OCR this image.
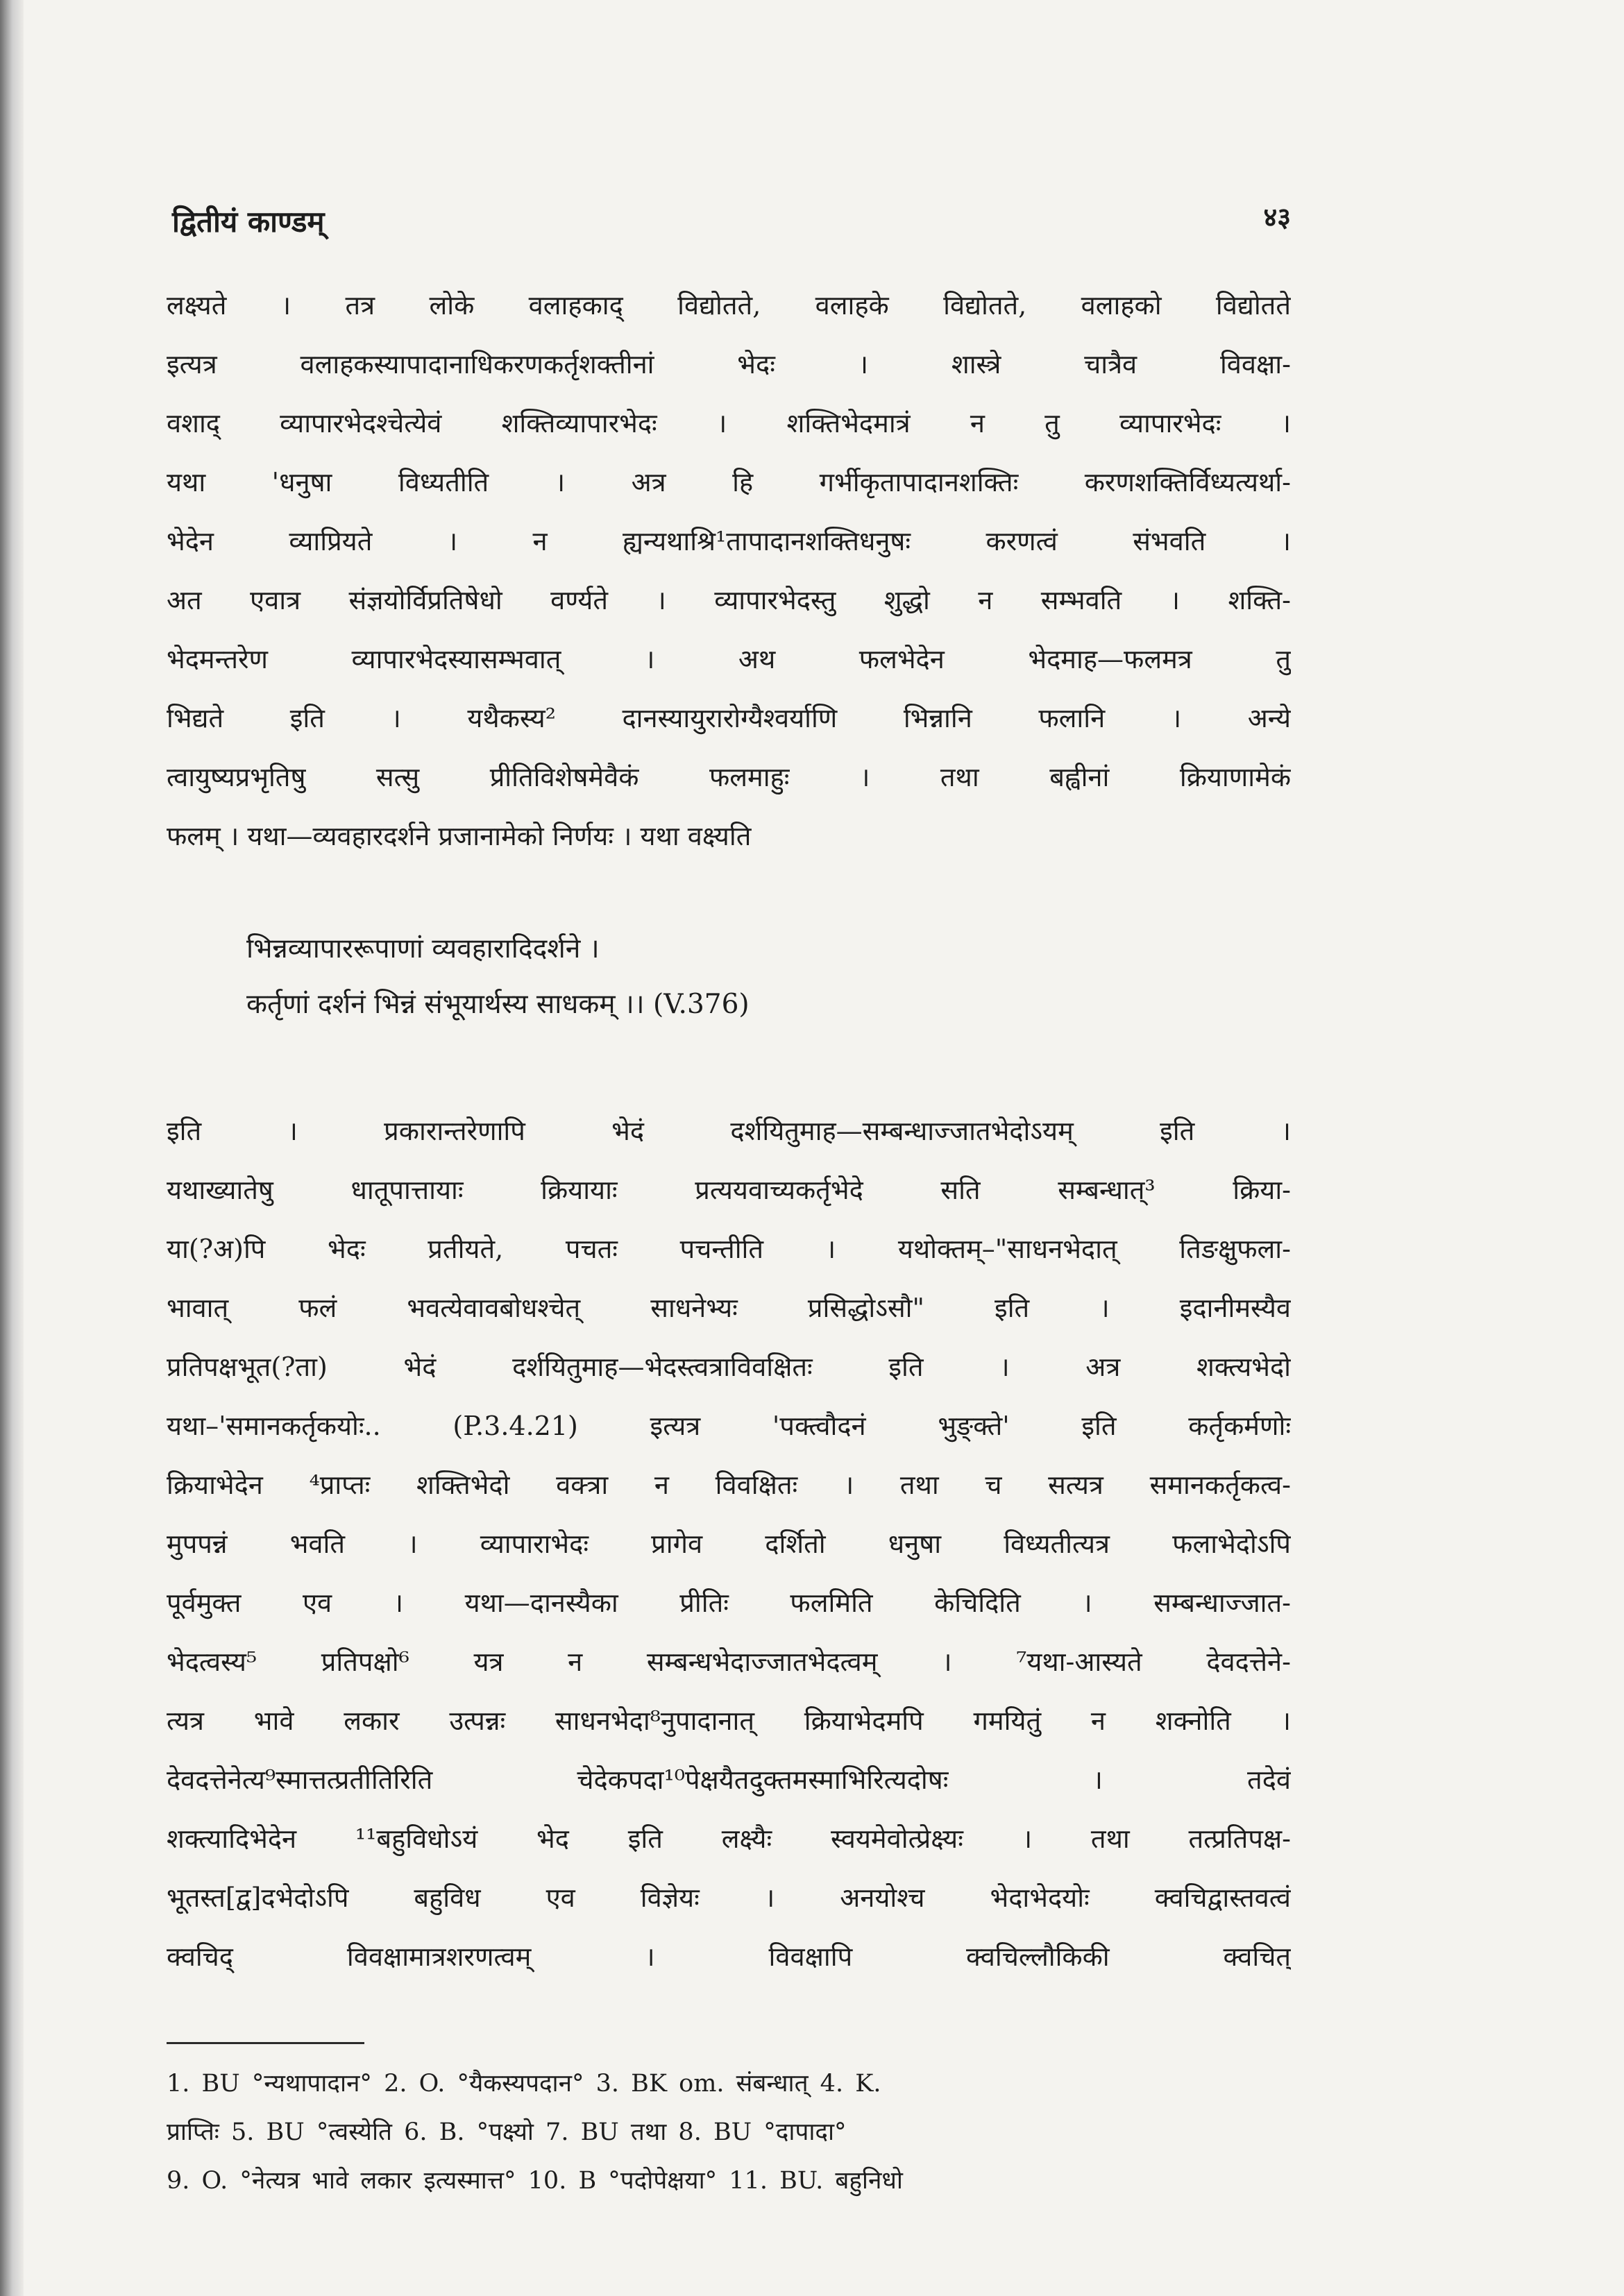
द्वितीयं काण्डम्	४३
लक्ष्यते । तत्र लोके वलाहकाद् विद्योतते, वलाहके विद्योतते, वलाहको विद्योतते
इत्यत्र वलाहकस्यापादानाधिकरणकर्तृशक्तीनां भेदः । शास्त्रे चात्रैव विवक्षा-
वशाद् व्यापारभेदश्चेत्येवं शक्तिव्यापारभेदः । शक्तिभेदमात्रं न तु व्यापारभेदः ।
यथा 'धनुषा विध्यतीति । अत्र हि गर्भीकृतापादानशक्तिः करणशक्तिर्विध्यत्यर्था-
भेदेन व्याप्रियते । न ह्यन्यथाश्रि¹तापादानशक्तिधनुषः करणत्वं संभवति ।
अत एवात्र संज्ञयोर्विप्रतिषेधो वर्ण्यते । व्यापारभेदस्तु शुद्धो न सम्भवति । शक्ति-
भेदमन्तरेण व्यापारभेदस्यासम्भवात् । अथ फलभेदेन भेदमाह—फलमत्र तु
भिद्यते इति । यथैकस्य² दानस्यायुरारोग्यैश्वर्याणि भिन्नानि फलानि । अन्ये
त्वायुष्यप्रभृतिषु सत्सु प्रीतिविशेषमेवैकं फलमाहुः । तथा बह्वीनां क्रियाणामेकं
फलम् । यथा—व्यवहारदर्शने प्रजानामेको निर्णयः । यथा वक्ष्यति
भिन्नव्यापाररूपाणां व्यवहारादिदर्शने ।
कर्तृणां दर्शनं भिन्नं संभूयार्थस्य साधकम् ।। (V.376)
इति । प्रकारान्तरेणापि भेदं दर्शयितुमाह—सम्बन्धाज्जातभेदोऽयम् इति ।
यथाख्यातेषु धातूपात्तायाः क्रियायाः प्रत्ययवाच्यकर्तृभेदे सति सम्बन्धात्³ क्रिया-
या(?अ)पि भेदः प्रतीयते, पचतः पचन्तीति । यथोक्तम्–"साधनभेदात् तिङक्षुफला-
भावात् फलं भवत्येवावबोधश्चेत् साधनेभ्यः प्रसिद्धोऽसौ" इति । इदानीमस्यैव
प्रतिपक्षभूत(?ता) भेदं दर्शयितुमाह—भेदस्त्वत्राविवक्षितः इति । अत्र शक्त्यभेदो
यथा–'समानकर्तृकयोः.. (P.3.4.21) इत्यत्र 'पक्त्वौदनं भुङ्क्ते' इति कर्तृकर्मणोः
क्रियाभेदेन ⁴प्राप्तः शक्तिभेदो वक्त्रा न विवक्षितः । तथा च सत्यत्र समानकर्तृकत्व-
मुपपन्नं भवति । व्यापाराभेदः प्रागेव दर्शितो धनुषा विध्यतीत्यत्र फलाभेदोऽपि
पूर्वमुक्त एव । यथा—दानस्यैका प्रीतिः फलमिति केचिदिति । सम्बन्धाज्जात-
भेदत्वस्य⁵ प्रतिपक्षो⁶ यत्र न सम्बन्धभेदाज्जातभेदत्वम् । ⁷यथा-आस्यते देवदत्तेने-
त्यत्र भावे लकार उत्पन्नः साधनभेदा⁸नुपादानात् क्रियाभेदमपि गमयितुं न शक्नोति ।
देवदत्तेनेत्य⁹स्मात्तत्प्रतीतिरिति चेदेकपदा¹⁰पेक्षयैतदुक्तमस्माभिरित्यदोषः । तदेवं
शक्त्यादिभेदेन ¹¹बहुविधोऽयं भेद इति लक्ष्यैः स्वयमेवोत्प्रेक्ष्यः । तथा तत्प्रतिपक्ष-
भूतस्त[द्व]दभेदोऽपि बहुविध एव विज्ञेयः । अनयोश्च भेदाभेदयोः क्वचिद्वास्तवत्वं
क्वचिद् विवक्षामात्रशरणत्वम् । विवक्षापि क्वचिल्लौकिकी क्वचित्
1. BU °न्यथापादान° 2. O. °यैकस्यपदान° 3. BK om. संबन्धात् 4. K.
प्राप्तिः 5. BU °त्वस्येति 6. B. °पक्ष्यो 7. BU तथा 8. BU °दापादा°
9. O. °नेत्यत्र भावे लकार इत्यस्मात्त° 10. B °पदोपेक्षया° 11. BU. बहुनिधो
